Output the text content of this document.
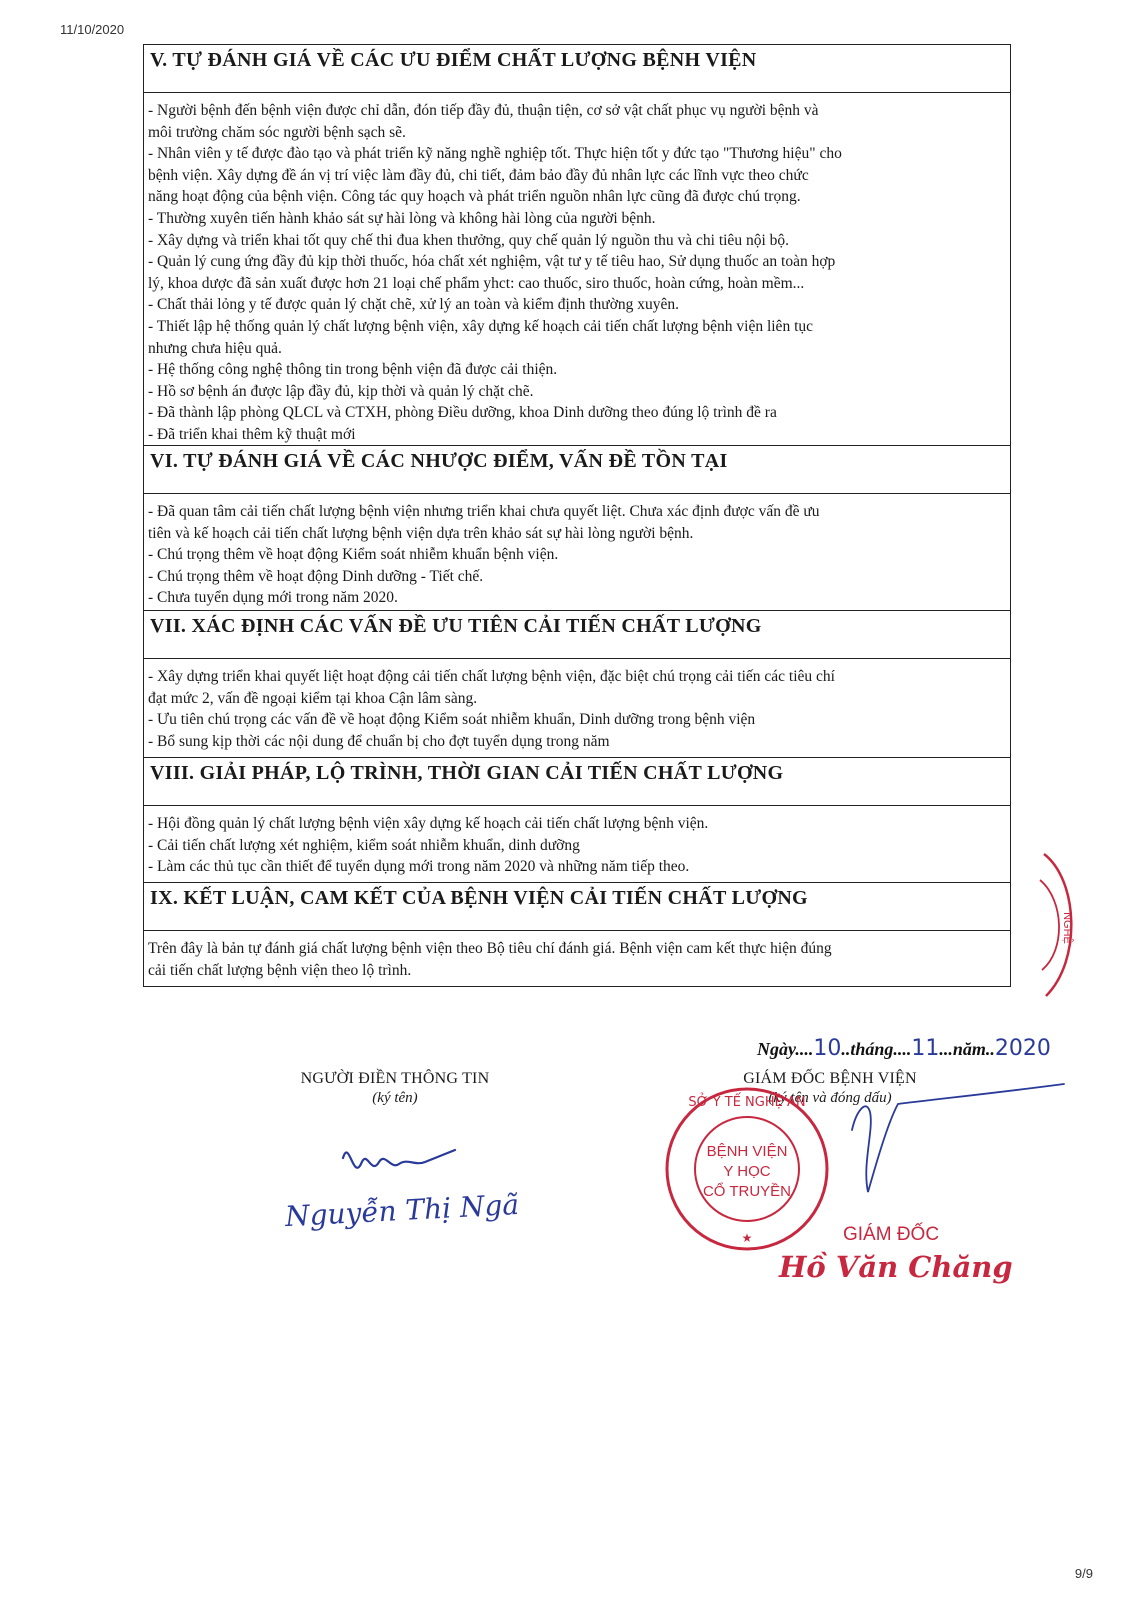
11/10/2020
V. TỰ ĐÁNH GIÁ VỀ CÁC ƯU ĐIỂM CHẤT LƯỢNG BỆNH VIỆN
- Người bệnh đến bệnh viện được chỉ dẫn, đón tiếp đầy đủ, thuận tiện, cơ sở vật chất phục vụ người bệnh và
môi trường chăm sóc người bệnh sạch sẽ.
- Nhân viên y tế được đào tạo và phát triển kỹ năng nghề nghiệp tốt. Thực hiện tốt y đức tạo "Thương hiệu" cho
bệnh viện. Xây dựng đề án vị trí việc làm đầy đủ, chi tiết, đảm bảo đầy đủ nhân lực các lĩnh vực theo chức
năng hoạt động của bệnh viện. Công tác quy hoạch và phát triển nguồn nhân lực cũng đã được chú trọng.
- Thường xuyên tiến hành khảo sát sự hài lòng và không hài lòng của người bệnh.
- Xây dựng và triển khai tốt quy chế thi đua khen thưởng, quy chế quản lý nguồn thu và chi tiêu nội bộ.
- Quản lý cung ứng đầy đủ kịp thời thuốc, hóa chất xét nghiệm, vật tư y tế tiêu hao, Sử dụng thuốc an toàn hợp
lý, khoa dược đã sản xuất được hơn 21 loại chế phẩm yhct: cao thuốc, siro thuốc, hoàn cứng, hoàn mềm...
- Chất thải lỏng y tế được quản lý chặt chẽ, xử lý an toàn và kiểm định thường xuyên.
- Thiết lập hệ thống quản lý chất lượng bệnh viện, xây dựng kế hoạch cải tiến chất lượng bệnh viện liên tục
nhưng chưa hiệu quả.
- Hệ thống công nghệ thông tin trong bệnh viện đã được cải thiện.
- Hồ sơ bệnh án được lập đầy đủ, kịp thời và quản lý chặt chẽ.
- Đã thành lập phòng QLCL và CTXH, phòng Điều dưỡng, khoa Dinh dưỡng theo đúng lộ trình đề ra
- Đã triển khai thêm kỹ thuật mới
VI. TỰ ĐÁNH GIÁ VỀ CÁC NHƯỢC ĐIỂM, VẤN ĐỀ TỒN TẠI
- Đã quan tâm cải tiến chất lượng bệnh viện nhưng triển khai chưa quyết liệt. Chưa xác định được vấn đề ưu
tiên và kế hoạch cải tiến chất lượng bệnh viện dựa trên khảo sát sự hài lòng người bệnh.
- Chú trọng thêm về hoạt động Kiểm soát nhiễm khuẩn bệnh viện.
- Chú trọng thêm về hoạt động Dinh dưỡng - Tiết chế.
- Chưa tuyển dụng mới trong năm 2020.
VII. XÁC ĐỊNH CÁC VẤN ĐỀ ƯU TIÊN CẢI TIẾN CHẤT LƯỢNG
- Xây dựng triển khai quyết liệt hoạt động cải tiến chất lượng bệnh viện, đặc biệt chú trọng cải tiến các tiêu chí
đạt mức 2, vấn đề ngoại kiểm tại khoa Cận lâm sàng.
- Ưu tiên chú trọng các vấn đề về hoạt động Kiểm soát nhiễm khuẩn, Dinh dưỡng trong bệnh viện
- Bổ sung kịp thời các nội dung để chuẩn bị cho đợt tuyển dụng trong năm
VIII. GIẢI PHÁP, LỘ TRÌNH, THỜI GIAN CẢI TIẾN CHẤT LƯỢNG
- Hội đồng quản lý chất lượng bệnh viện xây dựng kế hoạch cải tiến chất lượng bệnh viện.
- Cải tiến chất lượng xét nghiệm, kiểm soát nhiễm khuẩn, dinh dưỡng
- Làm các thủ tục cần thiết để tuyển dụng mới trong năm 2020 và những năm tiếp theo.
IX. KẾT LUẬN, CAM KẾT CỦA BỆNH VIỆN CẢI TIẾN CHẤT LƯỢNG
Trên đây là bản tự đánh giá chất lượng bệnh viện theo Bộ tiêu chí đánh giá. Bệnh viện cam kết thực hiện đúng
cải tiến chất lượng bệnh viện theo lộ trình.
Ngày....10..tháng....11...năm..2020
NGƯỜI ĐIỀN THÔNG TIN
(ký tên)
GIÁM ĐỐC BỆNH VIỆN
(ký tên và đóng dấu)
Nguyễn Thị Ngã
SỞ Y TẾ NGHỆ AN
BỆNH VIỆN
Y HỌC
CỔ TRUYỀN
★
NGHỆ
GIÁM ĐỐC
Hồ Văn Chăng
9/9
